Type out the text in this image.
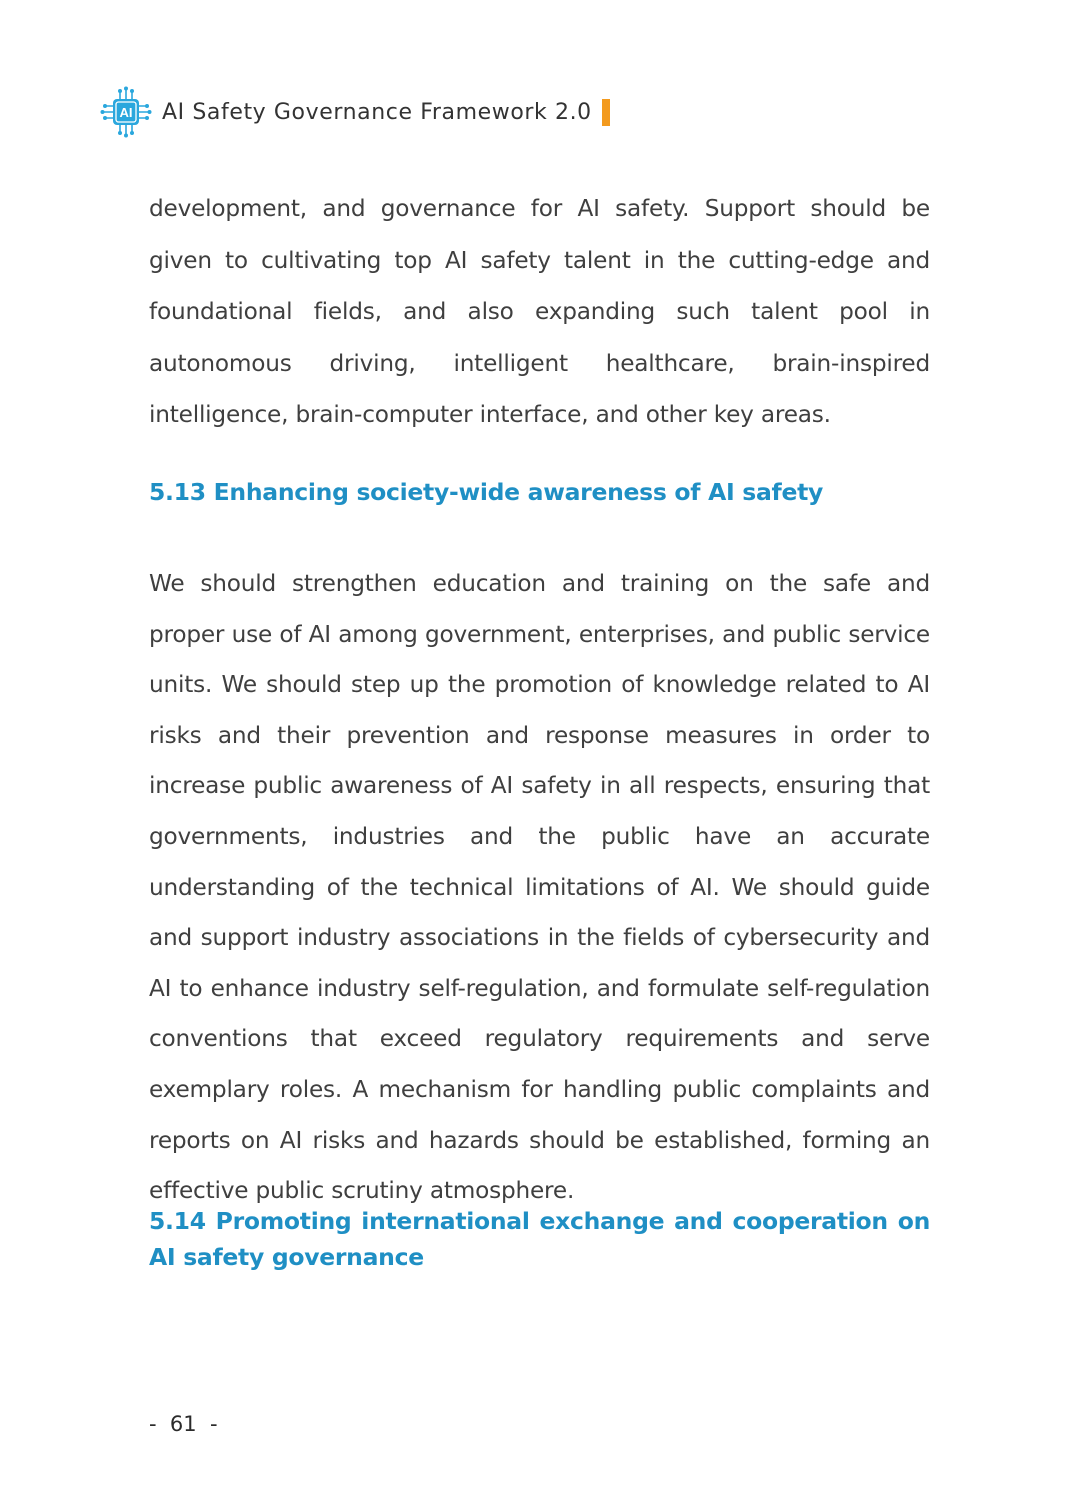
AI AI Safety Governance Framework 2.0

development, and governance for AI safety. Support should be given to cultivating top AI safety talent in the cutting-edge and foundational fields, and also expanding such talent pool in autonomous driving, intelligent healthcare, brain-inspired intelligence, brain-computer interface, and other key areas.

5.13 Enhancing society-wide awareness of AI safety

We should strengthen education and training on the safe and proper use of AI among government, enterprises, and public service units. We should step up the promotion of knowledge related to AI risks and their prevention and response measures in order to increase public awareness of AI safety in all respects, ensuring that governments, industries and the public have an accurate understanding of the technical limitations of AI. We should guide and support industry associations in the fields of cybersecurity and AI to enhance industry self-regulation, and formulate self-regulation conventions that exceed regulatory requirements and serve exemplary roles. A mechanism for handling public complaints and reports on AI risks and hazards should be established, forming an effective public scrutiny atmosphere.

5.14 Promoting international exchange and cooperation on AI safety governance
-  61  -
